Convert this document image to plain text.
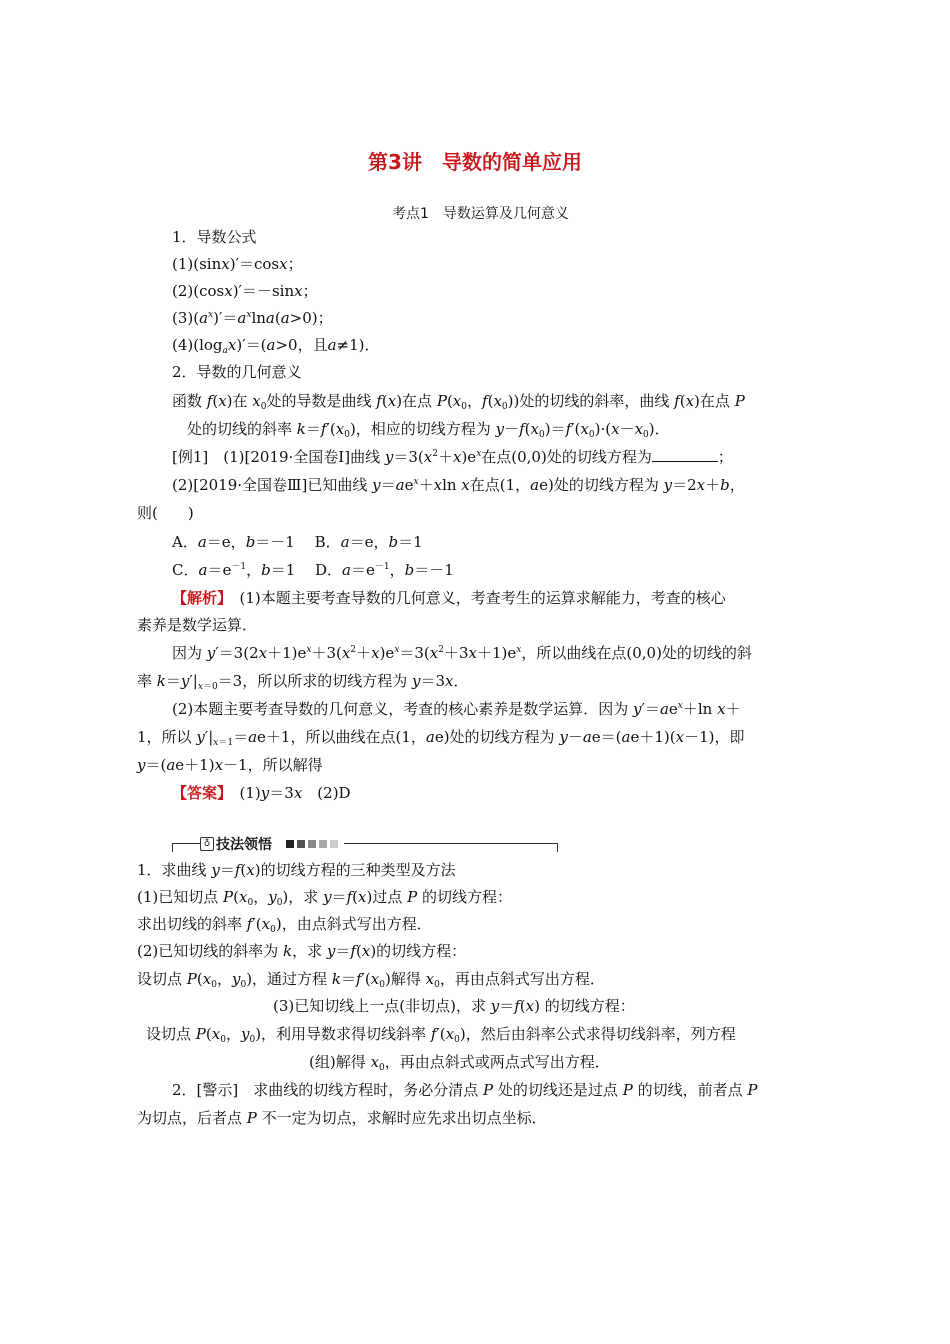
第3讲　导数的简单应用
考点1　导数运算及几何意义
1．导数公式
(1)(sinx)′＝cosx；
(2)(cosx)′＝－sinx；
$(3)(a^x)'=a^x\ln a(a>0)$；
$(4)(\log_ax)'=(a>0$，且a≠1)．
2．导数的几何意义
函数 f(x)在 $x_0$处的导数是曲线 f(x)在点 $P(x_0$，$f(x_0)$)处的切线的斜率，曲线 f(x)在点 P
处的切线的斜率 $k=f'(x_0)$，相应的切线方程为 $y-f(x_0)=f'(x_0)\cdot(x-x_0)$．
[例1]　 (1)[2019·全国卷Ⅰ]曲线 $y=3(x^2+x)e^x$在点(0,0)处的切线方程为	；
(2)[2019·全国卷Ⅲ]已知曲线 $y=ae^x+xln$ x在点(1，ae)处的切线方程为 y＝2x＋b，
则(　　)
A．a＝e，b＝－1　 B．a＝e，b＝1
C．$a=e^{-1}$，b＝1　 D．$a=e^{-1}$，b＝－1
【解析】　 (1)本题主要考查导数的几何意义，考查考生的运算求解能力，考查的核心
素养是数学运算．
因为 $y'=3(2x+1)e^x+3(x^2+x)e^x=3(x^2+3x+1)e^x$，所以曲线在点(0,0)处的切线的斜
率 $k=y'|_{x=0}=3$，所以所求的切线方程为 y＝3x．
(2)本题主要考查导数的几何意义，考查的核心素养是数学运算．因为 $y'=ae^x+\ln$ x＋
1，所以 $y'|_{x=1}=ae+1$，所以曲线在点(1，ae)处的切线方程为 y－ae＝(ae＋1)(x－1)，即
y＝(ae＋1)x－1，所以解得
【答案】　 (1)y＝3x　 (2)D
♁ 技法领悟
1．求曲线 y＝f(x)的切线方程的三种类型及方法
(1)已知切点 $P(x_0$，$y_0$)，求 y＝f(x)过点 P 的切线方程：
求出切线的斜率 $f'(x_0)$，由点斜式写出方程．
(2)已知切线的斜率为 k，求 y＝f(x)的切线方程：
设切点 $P(x_0$，$y_0$)，通过方程 $k=f'(x_0)$解得 $x_0$，再由点斜式写出方程．
(3)已知切线上一点(非切点)，求 y＝f(x) 的切线方程：
设切点 $P(x_0$，$y_0$)，利用导数求得切线斜率 $f'(x_0)$，然后由斜率公式求得切线斜率，列方程
(组)解得 $x_0$，再由点斜式或两点式写出方程．
2．[警示]　求曲线的切线方程时，务必分清点 P 处的切线还是过点 P 的切线，前者点 P
为切点，后者点 P 不一定为切点，求解时应先求出切点坐标．
